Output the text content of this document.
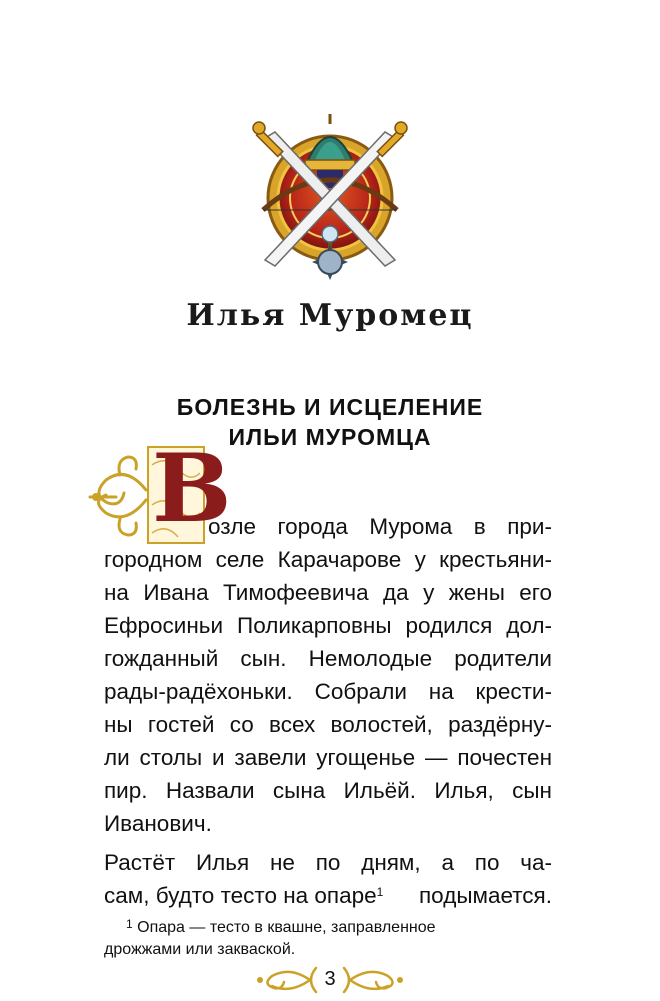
Илья Муромец
БОЛЕЗНЬ И ИСЦЕЛЕНИЕ
ИЛЬИ МУРОМЦА
В
озле города Мурома в при-
городном селе Карачарове у крестьяни-
на Ивана Тимофеевича да у жены его
Ефросиньи Поликарповны родился дол-
гожданный сын. Немолодые родители
рады-радёхоньки. Собрали на крести-
ны гостей со всех волостей, раздёрну-
ли столы и завели угощенье — почестен
пир. Назвали сына Ильёй. Илья, сын
Иванович.
Растёт Илья не по дням, а по ча-
сам, будто тесто на опаре$^1$ подымается.
$^1$ Опара — тесто в квашне, заправленное
дрожжами или закваской.
3
